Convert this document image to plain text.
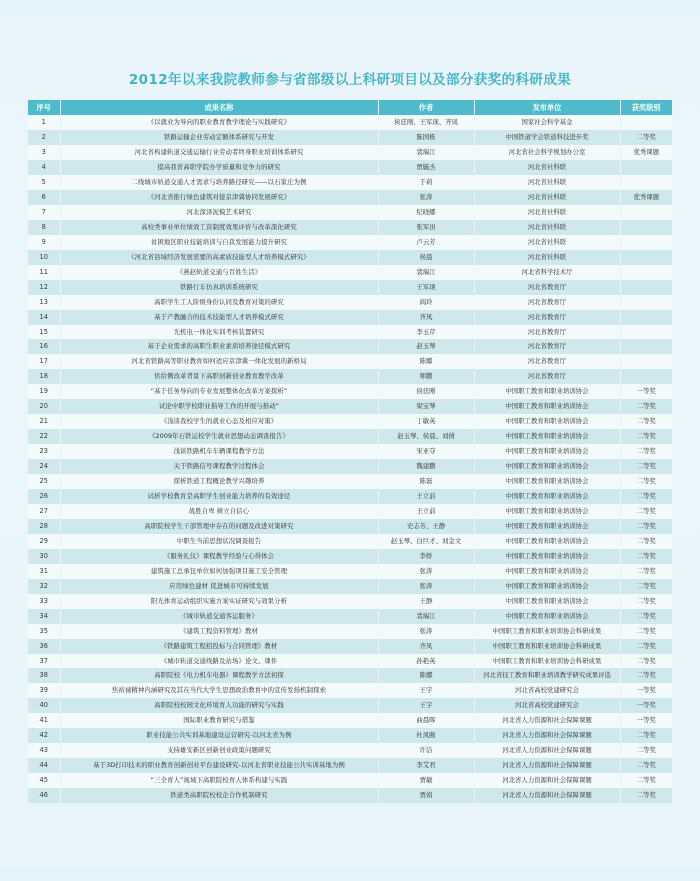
2012年以来我院教师参与省部级以上科研项目以及部分获奖的科研成果
序号	成果名称	作者	发布单位	获奖级别
1	《以就业为导向的职业教育教学理论与实践研究》	侯廷刚、王军现、齐凤	国家社会科学基金	
2	铁路运输企业劳动定额体系研究与开发	陈国栋	中国铁道学会铁道科技进步奖	二等奖
3	河北省构建轨道交通运输行业劳动者终身职业培训体系研究	裴瑞江	河北省社会科学规划办公室	优秀课题
4	提高我省高职学院办学质量和竞争力的研究	贾毓杰	河北省社科联	
5	二线城市轨道交通人才需求与培养路径研究——以石家庄为例	于莉	河北省社科联	
6	《河北省推行绿色建筑对接京津冀协同发展研究》	张涛	河北省社科联	优秀课题
7	河北深泽泥模艺术研究	纪晓娜	河北省社科联	
8	高校类事业单位绩效工资制度效果评价与改革深化研究	张军田	河北省社科联	
9	贫困地区职业技能培训与自我发展能力提升研究	卢云芳	河北省社科联	
10	《河北省县域经济发展需要的高素质技能型人才培养模式研究》	侯晨	河北省社科联	
11	《燕赵轨道交通与百姓生活》	裴瑞江	河北省科学技术厅	
12	铁路行车仿真培训系统研究	王军现	河北省教育厅	
13	高职学生工人阶级身份认同及教育对策的研究	阎玲	河北省教育厅	
14	基于产教融合的技术技能型人才培养模式研究	齐凤	河北省教育厅	
15	光机电一体化实训考核装置研究	李玉芹	河北省教育厅	
16	基于企业需求的高职生职业素质培养途径模式研究	赵玉琴	河北省教育厅	
17	河北省铁路高等职业教育如何适应京津冀一体化发展的新格局	陈娜	河北省教育厅	
18	供给侧改革背景下高职创新创业教育教学改革	师鹏	河北省教育厅	
19	“基于任务导向的专业发展整体化改革方案探析”	侯廷刚	中国职工教育和职业培训协会	一等奖
20	试论中职学校职业指导工作的开展与推动”	梁宝琴	中国职工教育和职业培训协会	二等奖
21	《浅谈我校学生的就业心态及相应对策》	丁敏英	中国职工教育和职业培训协会	二等奖
22	《2009年石铁运校学生就业思想动态调查报告》	赵玉琴、侯晨、刘倩	中国职工教育和职业培训协会	二等奖
23	浅谈铁路机车车辆课程教学方法	宋亚夺	中国职工教育和职业培训协会	二等奖
24	关于铁路信号课程教学过程体会	魏建鹏	中国职工教育和职业培训协会	二等奖
25	探析铁道工程概论教学兴趣培养	陈磊	中国职工教育和职业培训协会	二等奖
26	试析学校教育是高职学生创业能力培养的有效途径	王立前	中国职工教育和职业培训协会	二等奖
27	战胜自卑 树立自信心	王立前	中国职工教育和职业培训协会	二等奖
28	高职院校学生干部管理中存在的问题及改进对策研究	史志芳、王静	中国职工教育和职业培训协会	二等奖
29	中职生当前思想状况调查报告	赵玉琴、白巨才、刘金文	中国职工教育和职业培训协会	二等奖
30	《服务礼仪》课程教学经验与心得体会	李娇	中国职工教育和职业培训协会	二等奖
31	建筑施工总承包单位如何加强项目施工安全管理	张涛	中国职工教育和职业培训协会	二等奖
32	应用绿色建材 促进城市可持续发展	张涛	中国职工教育和职业培训协会	二等奖
33	阳光体育运动组织实施方案实证研究与效果分析	王静	中国职工教育和职业培训协会	二等奖
34	《城市轨道交通客运服务》	裴瑞江	中国职工教育和职业培训协会	二等奖
35	《建筑工程资料管理》教材	张涛	中国职工教育和职业培训协会科研成果	二等奖
36	《铁路建筑工程招投标与合同管理》教材	齐凤	中国职工教育和职业培训协会科研成果	二等奖
37	《城市轨道交通线路及站场》论文、课件	孙艳英	中国职工教育和职业培训协会科研成果	二等奖
38	高职院校《电力机车电器》课程教学方法初探	陈娜	河北省技工教育和职业培训教学研究成果评选	二等奖
39	焦裕禄精神内涵研究及其在当代大学生思想政治教育中的宣传发扬机制探索	王宇	河北省高校党建研究会	一等奖
40	高职院校校园文化环境育人功能的研究与实践	王宇	河北省高校党建研究会	一等奖
41	国际职业教育研究与借鉴	曲晨晖	河北省人力资源和社会保障课题	一等奖
42	职业技能公共实训基地建设运营研究-以河北省为例	杜凤颐	河北省人力资源和社会保障课题	二等奖
43	支持雄安新区创新创业政策问题研究	许洁	河北省人力资源和社会保障课题	二等奖
44	基于3D打印技术的职业教育创新创业平台建设研究-以河北省职业技能公共实训基地为例	李艾君	河北省人力资源和社会保障课题	二等奖
45	“三全育人”视域下高职院校育人体系构建与实践	贾敏	河北省人力资源和社会保障课题	二等奖
46	铁道类高职院校校企合作机制研究	贾娟	河北省人力资源和社会保障课题	二等奖
